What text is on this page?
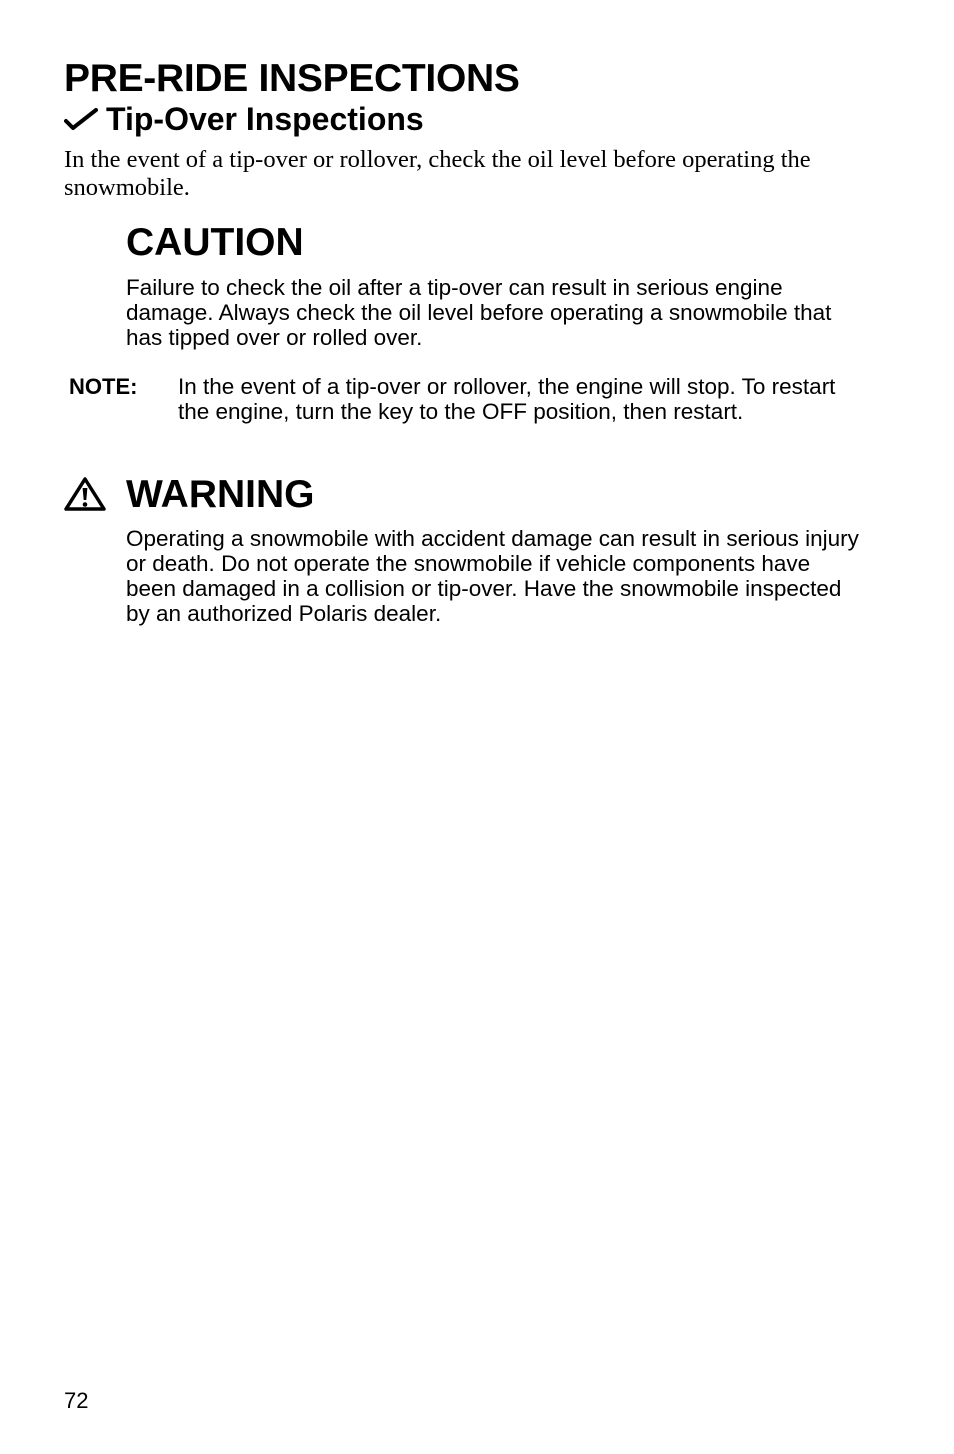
PRE-RIDE INSPECTIONS
Tip-Over Inspections

In the event of a tip-over or rollover, check the oil level before operating the snowmobile.

CAUTION

Failure to check the oil after a tip-over can result in serious engine damage. Always check the oil level before operating a snowmobile that has tipped over or rolled over.

NOTE: In the event of a tip-over or rollover, the engine will stop. To restart the engine, turn the key to the OFF position, then restart.

WARNING

Operating a snowmobile with accident damage can result in serious injury or death. Do not operate the snowmobile if vehicle components have been damaged in a collision or tip-over. Have the snowmobile inspected by an authorized Polaris dealer.

72
